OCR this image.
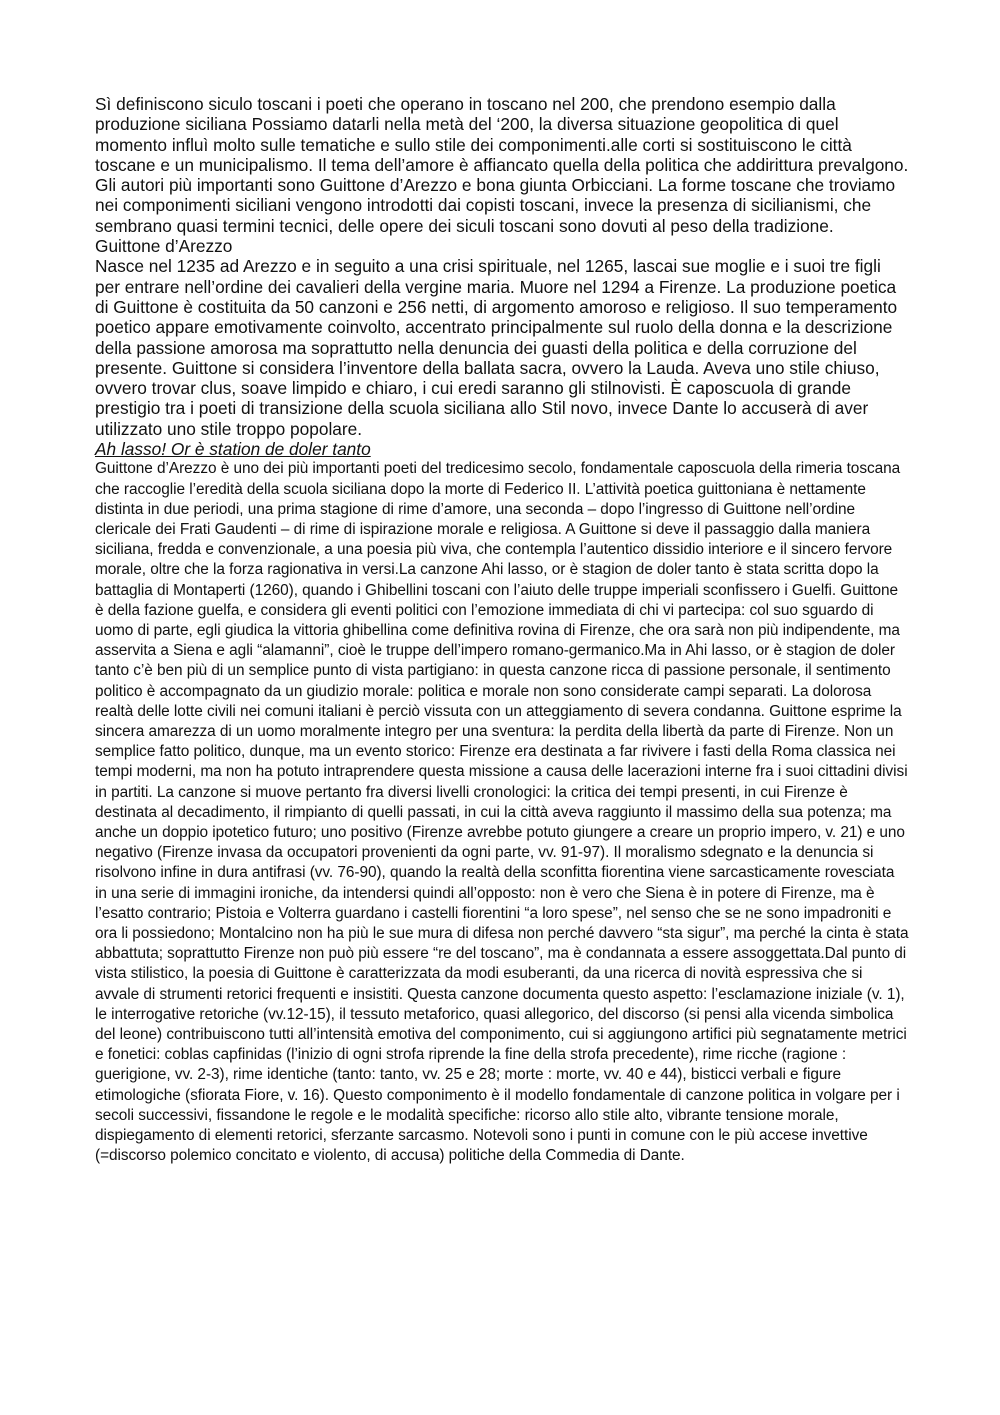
Sì definiscono siculo toscani i poeti che operano in toscano nel 200, che prendono esempio dalla produzione siciliana Possiamo datarli nella metà del ‘200, la diversa situazione geopolitica di quel momento influì molto sulle tematiche e sullo stile dei componimenti.alle corti si sostituiscono le città toscane e un municipalismo. Il tema dell’amore è affiancato quella della politica che addirittura prevalgono. Gli autori più importanti sono Guittone d’Arezzo e bona giunta Orbicciani. La forme toscane che troviamo nei componimenti siciliani vengono introdotti dai copisti toscani, invece la presenza di sicilianismi, che sembrano quasi termini tecnici, delle opere dei siculi toscani sono dovuti al peso della tradizione.

Guittone d’Arezzo

Nasce nel 1235 ad Arezzo e in seguito a una crisi spirituale, nel 1265, lascai sue moglie e i suoi tre figli per entrare nell’ordine dei cavalieri della vergine maria. Muore nel 1294 a Firenze. La produzione poetica di Guittone è costituita da 50 canzoni e 256 netti, di argomento amoroso e religioso. Il suo temperamento poetico appare emotivamente coinvolto, accentrato principalmente sul ruolo della donna e la descrizione della passione amorosa ma soprattutto nella denuncia dei guasti della politica e della corruzione del presente. Guittone si considera l’inventore della ballata sacra, ovvero la Lauda. Aveva uno stile chiuso, ovvero trovar clus, soave limpido e chiaro, i cui eredi saranno gli stilnovisti. È caposcuola di grande prestigio tra i poeti di transizione della scuola siciliana allo Stil novo, invece Dante lo accuserà di aver utilizzato uno stile troppo popolare.

Ah lasso! Or è station de doler tanto

Guittone d’Arezzo è uno dei più importanti poeti del tredicesimo secolo, fondamentale caposcuola della rimeria toscana che raccoglie l’eredità della scuola siciliana dopo la morte di Federico II. L’attività poetica guittoniana è nettamente distinta in due periodi, una prima stagione di rime d’amore, una seconda – dopo l’ingresso di Guittone nell’ordine clericale dei Frati Gaudenti – di rime di ispirazione morale e religiosa. A Guittone si deve il passaggio dalla maniera siciliana, fredda e convenzionale, a una poesia più viva, che contempla l’autentico dissidio interiore e il sincero fervore morale, oltre che la forza ragionativa in versi.La canzone Ahi lasso, or è stagion de doler tanto è stata scritta dopo la battaglia di Montaperti (1260), quando i Ghibellini toscani con l’aiuto delle truppe imperiali sconfissero i Guelfi. Guittone è della fazione guelfa, e considera gli eventi politici con l’emozione immediata di chi vi partecipa: col suo sguardo di uomo di parte, egli giudica la vittoria ghibellina come definitiva rovina di Firenze, che ora sarà non più indipendente, ma asservita a Siena e agli “alamanni”, cioè le truppe dell’impero romano-germanico.Ma in Ahi lasso, or è stagion de doler tanto c’è ben più di un semplice punto di vista partigiano: in questa canzone ricca di passione personale, il sentimento politico è accompagnato da un giudizio morale: politica e morale non sono considerate campi separati. La dolorosa realtà delle lotte civili nei comuni italiani è perciò vissuta con un atteggiamento di severa condanna. Guittone esprime la sincera amarezza di un uomo moralmente integro per una sventura: la perdita della libertà da parte di Firenze. Non un semplice fatto politico, dunque, ma un evento storico: Firenze era destinata a far rivivere i fasti della Roma classica nei tempi moderni, ma non ha potuto intraprendere questa missione a causa delle lacerazioni interne fra i suoi cittadini divisi in partiti. La canzone si muove pertanto fra diversi livelli cronologici: la critica dei tempi presenti, in cui Firenze è destinata al decadimento, il rimpianto di quelli passati, in cui la città aveva raggiunto il massimo della sua potenza; ma anche un doppio ipotetico futuro; uno positivo (Firenze avrebbe potuto giungere a creare un proprio impero, v. 21) e uno negativo (Firenze invasa da occupatori provenienti da ogni parte, vv. 91-97). Il moralismo sdegnato e la denuncia si risolvono infine in dura antifrasi (vv. 76-90), quando la realtà della sconfitta fiorentina viene sarcasticamente rovesciata in una serie di immagini ironiche, da intendersi quindi all’opposto: non è vero che Siena è in potere di Firenze, ma è l’esatto contrario; Pistoia e Volterra guardano i castelli fiorentini “a loro spese”, nel senso che se ne sono impadroniti e ora li possiedono; Montalcino non ha più le sue mura di difesa non perché davvero “sta sigur”, ma perché la cinta è stata abbattuta; soprattutto Firenze non può più essere “re del toscano”, ma è condannata a essere assoggettata.Dal punto di vista stilistico, la poesia di Guittone è caratterizzata da modi esuberanti, da una ricerca di novità espressiva che si avvale di strumenti retorici frequenti e insistiti. Questa canzone documenta questo aspetto: l’esclamazione iniziale (v. 1), le interrogative retoriche (vv.12-15), il tessuto metaforico, quasi allegorico, del discorso (si pensi alla vicenda simbolica del leone) contribuiscono tutti all’intensità emotiva del componimento, cui si aggiungono artifici più segnatamente metrici e fonetici: coblas capfinidas (l’inizio di ogni strofa riprende la fine della strofa precedente), rime ricche (ragione : guerigione, vv. 2-3), rime identiche (tanto: tanto, vv. 25 e 28; morte : morte, vv. 40 e 44), bisticci verbali e figure etimologiche (sfiorata Fiore, v. 16). Questo componimento è il modello fondamentale di canzone politica in volgare per i secoli successivi, fissandone le regole e le modalità specifiche: ricorso allo stile alto, vibrante tensione morale, dispiegamento di elementi retorici, sferzante sarcasmo. Notevoli sono i punti in comune con le più accese invettive (=discorso polemico concitato e violento, di accusa) politiche della Commedia di Dante.
